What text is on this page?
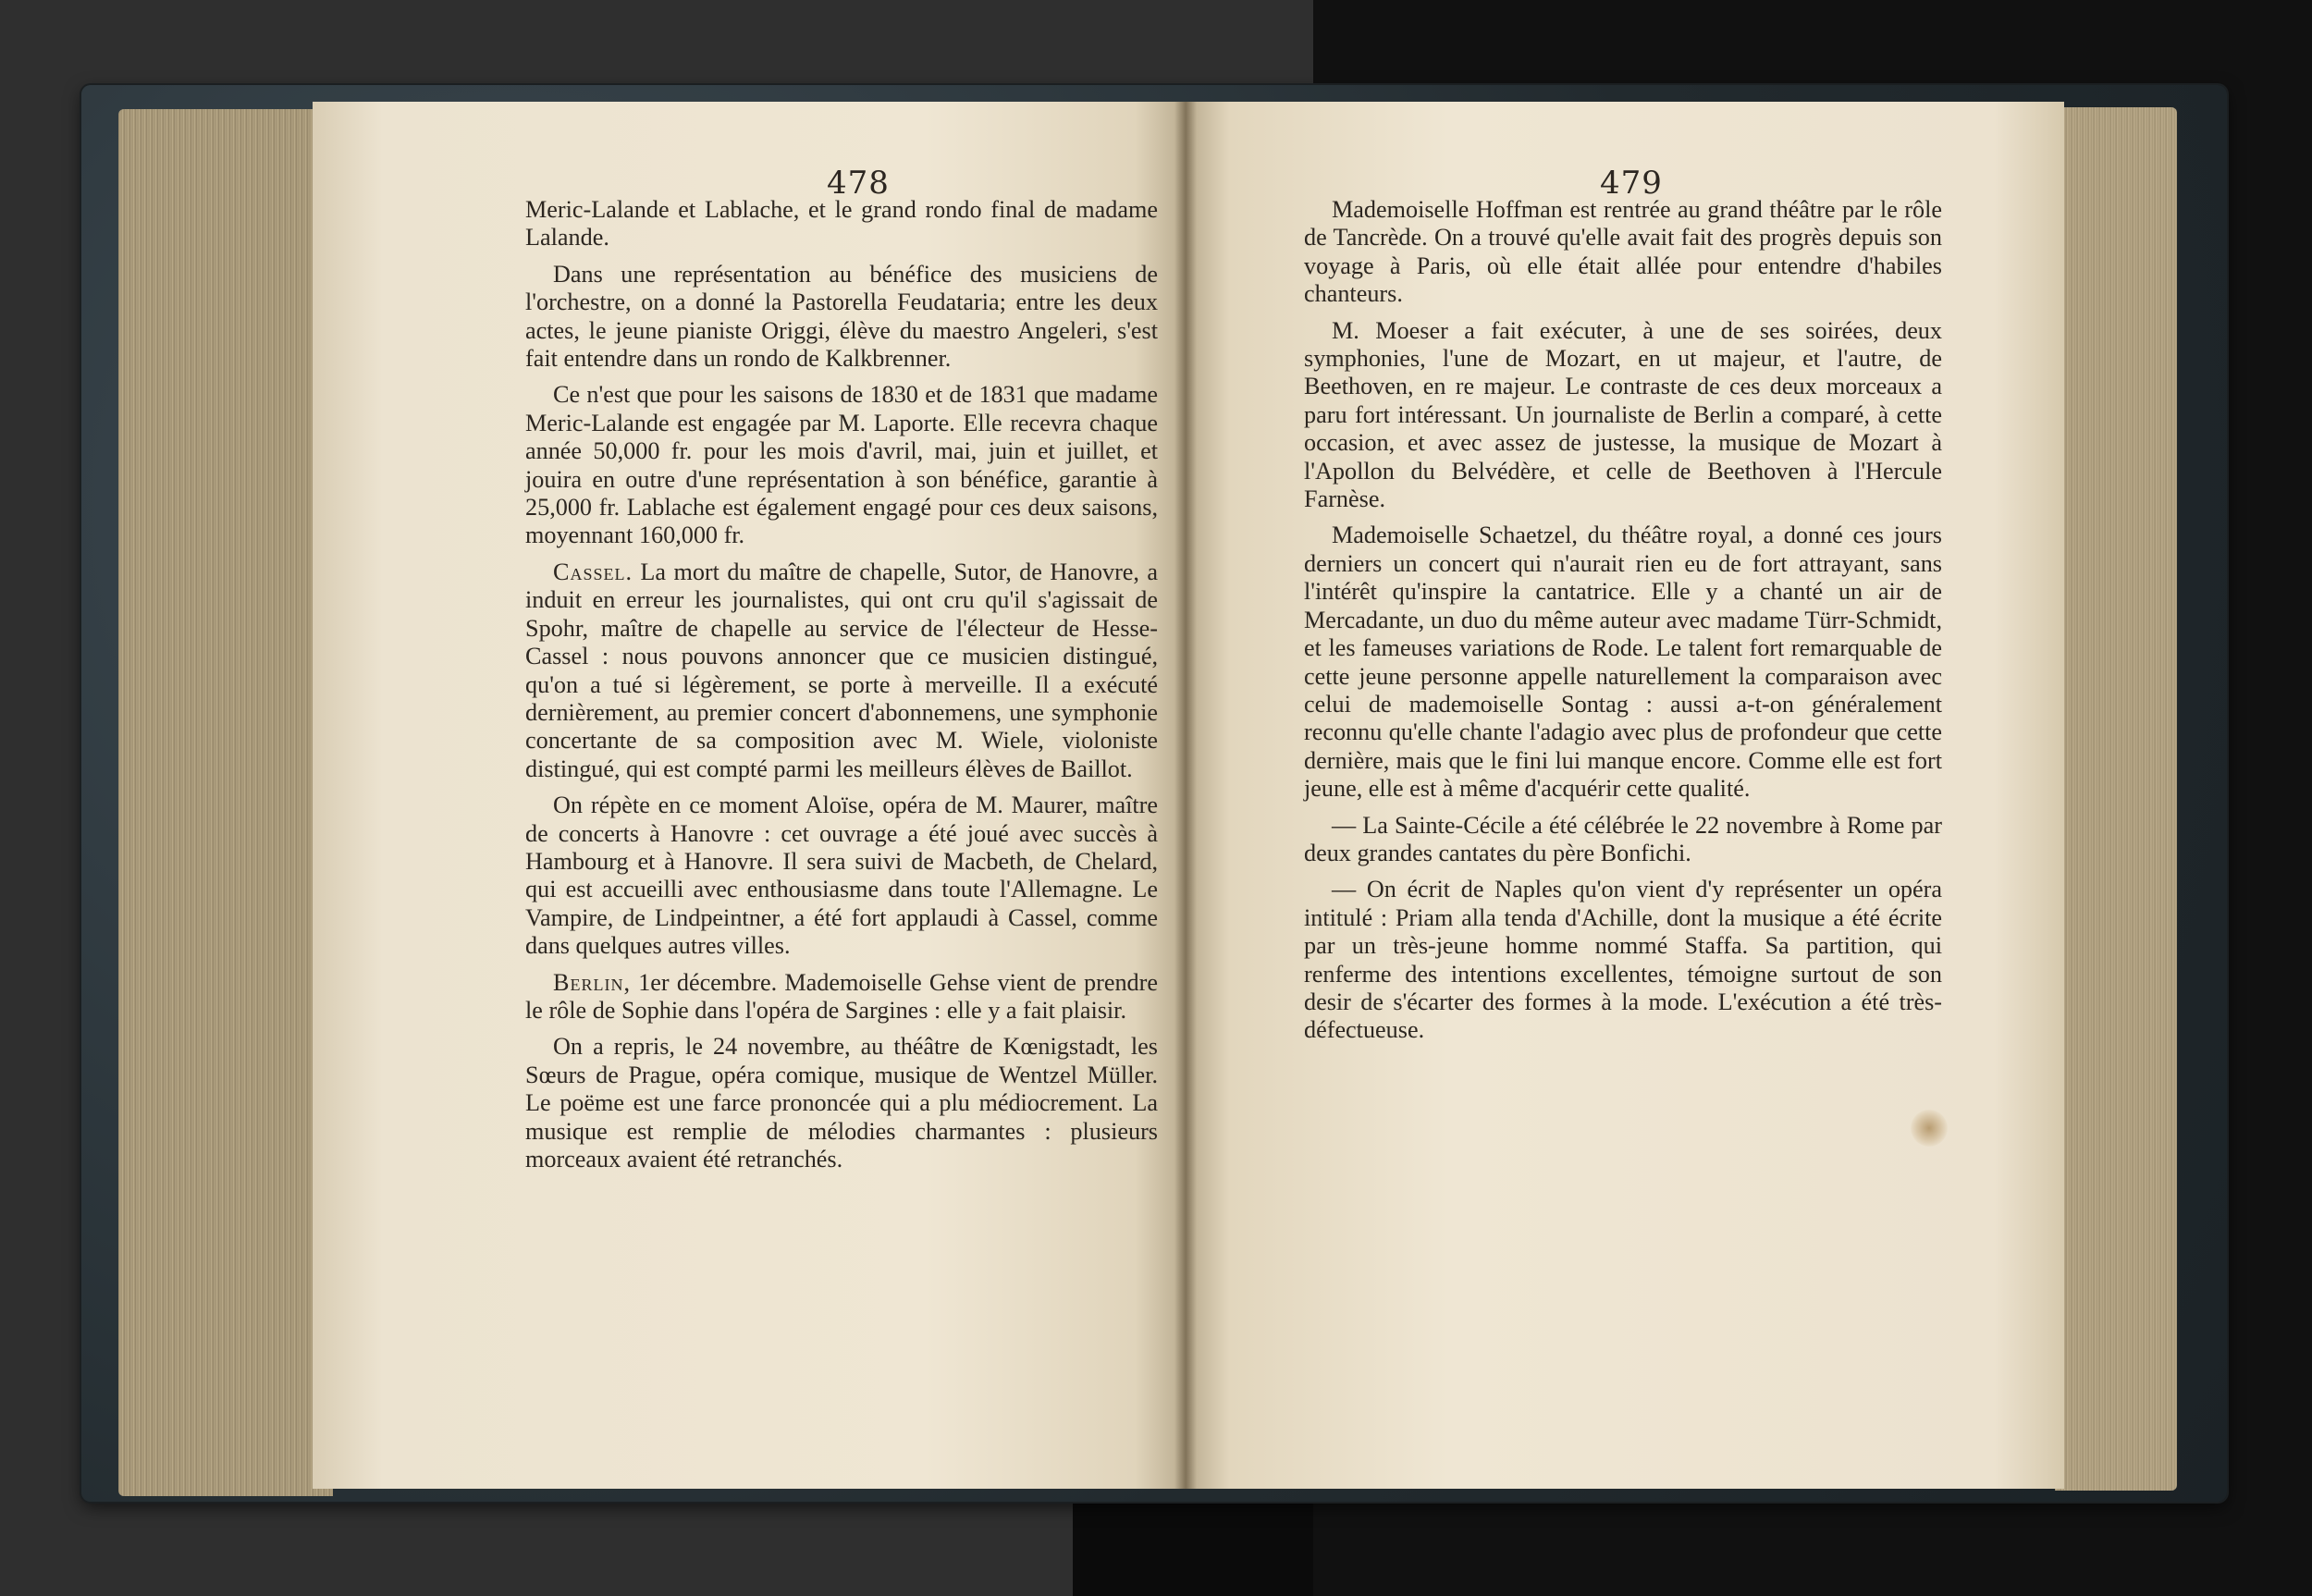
478

Meric-Lalande et Lablache, et le grand rondo final de madame Lalande.

Dans une représentation au bénéfice des musiciens de l'orchestre, on a donné la Pastorella Feudataria; entre les deux actes, le jeune pianiste Origgi, élève du maestro Angeleri, s'est fait entendre dans un rondo de Kalkbrenner.

Ce n'est que pour les saisons de 1830 et de 1831 que madame Meric-Lalande est engagée par M. Laporte. Elle recevra chaque année 50,000 fr. pour les mois d'avril, mai, juin et juillet, et jouira en outre d'une représentation à son bénéfice, garantie à 25,000 fr. Lablache est également engagé pour ces deux saisons, moyennant 160,000 fr.

Cassel. La mort du maître de chapelle, Sutor, de Hanovre, a induit en erreur les journalistes, qui ont cru qu'il s'agissait de Spohr, maître de chapelle au service de l'électeur de Hesse-Cassel : nous pouvons annoncer que ce musicien distingué, qu'on a tué si légèrement, se porte à merveille. Il a exécuté dernièrement, au premier concert d'abonnemens, une symphonie concertante de sa composition avec M. Wiele, violoniste distingué, qui est compté parmi les meilleurs élèves de Baillot.

On répète en ce moment Aloïse, opéra de M. Maurer, maître de concerts à Hanovre : cet ouvrage a été joué avec succès à Hambourg et à Hanovre. Il sera suivi de Macbeth, de Chelard, qui est accueilli avec enthousiasme dans toute l'Allemagne. Le Vampire, de Lindpeintner, a été fort applaudi à Cassel, comme dans quelques autres villes.

Berlin, 1er décembre. Mademoiselle Gehse vient de prendre le rôle de Sophie dans l'opéra de Sargines : elle y a fait plaisir.

On a repris, le 24 novembre, au théâtre de Kœnigstadt, les Sœurs de Prague, opéra comique, musique de Wentzel Müller. Le poëme est une farce prononcée qui a plu médiocrement. La musique est remplie de mélodies charmantes : plusieurs morceaux avaient été retranchés.

479

Mademoiselle Hoffman est rentrée au grand théâtre par le rôle de Tancrède. On a trouvé qu'elle avait fait des progrès depuis son voyage à Paris, où elle était allée pour entendre d'habiles chanteurs.

M. Moeser a fait exécuter, à une de ses soirées, deux symphonies, l'une de Mozart, en ut majeur, et l'autre, de Beethoven, en re majeur. Le contraste de ces deux morceaux a paru fort intéressant. Un journaliste de Berlin a comparé, à cette occasion, et avec assez de justesse, la musique de Mozart à l'Apollon du Belvédère, et celle de Beethoven à l'Hercule Farnèse.

Mademoiselle Schaetzel, du théâtre royal, a donné ces jours derniers un concert qui n'aurait rien eu de fort attrayant, sans l'intérêt qu'inspire la cantatrice. Elle y a chanté un air de Mercadante, un duo du même auteur avec madame Türr-Schmidt, et les fameuses variations de Rode. Le talent fort remarquable de cette jeune personne appelle naturellement la comparaison avec celui de mademoiselle Sontag : aussi a-t-on généralement reconnu qu'elle chante l'adagio avec plus de profondeur que cette dernière, mais que le fini lui manque encore. Comme elle est fort jeune, elle est à même d'acquérir cette qualité.

— La Sainte-Cécile a été célébrée le 22 novembre à Rome par deux grandes cantates du père Bonfichi.

— On écrit de Naples qu'on vient d'y représenter un opéra intitulé : Priam alla tenda d'Achille, dont la musique a été écrite par un très-jeune homme nommé Staffa. Sa partition, qui renferme des intentions excellentes, témoigne surtout de son desir de s'écarter des formes à la mode. L'exécution a été très-défectueuse.
